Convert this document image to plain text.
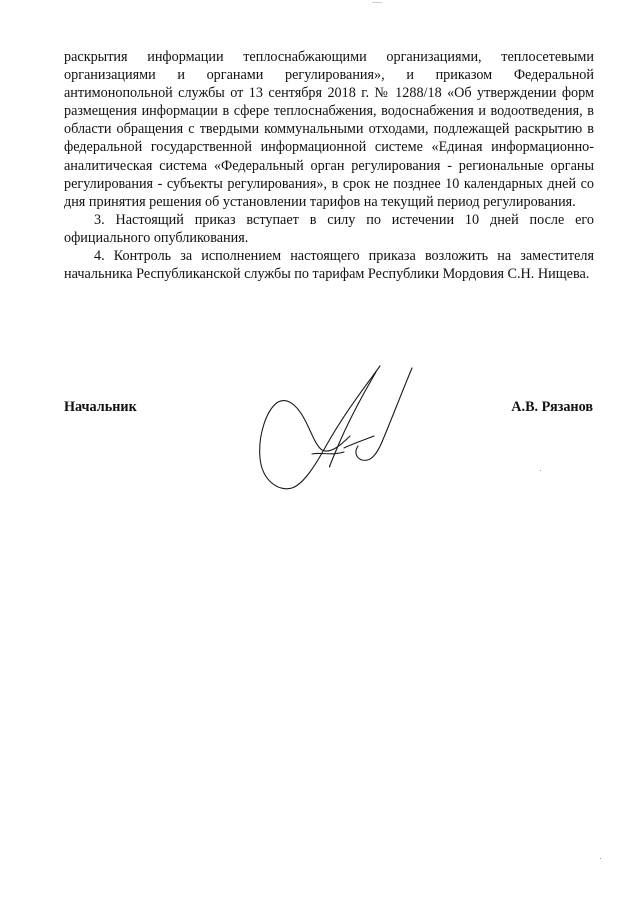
раскрытия информации теплоснабжающими организациями, теплосетевыми организациями и органами регулирования», и приказом Федеральной антимонопольной службы от 13 сентября 2018 г. № 1288/18 «Об утверждении форм размещения информации в сфере теплоснабжения, водоснабжения и водоотведения, в области обращения с твердыми коммунальными отходами, подлежащей раскрытию в федеральной государственной информационной системе «Единая информационно-аналитическая система «Федеральный орган регулирования - региональные органы регулирования - субъекты регулирования», в срок не позднее 10 календарных дней со дня принятия решения об установлении тарифов на текущий период регулирования.

3. Настоящий приказ вступает в силу по истечении 10 дней после его официального опубликования.

4. Контроль за исполнением настоящего приказа возложить на заместителя начальника Республиканской службы по тарифам Республики Мордовия С.Н. Нищева.

Начальник	А.В. Рязанов
